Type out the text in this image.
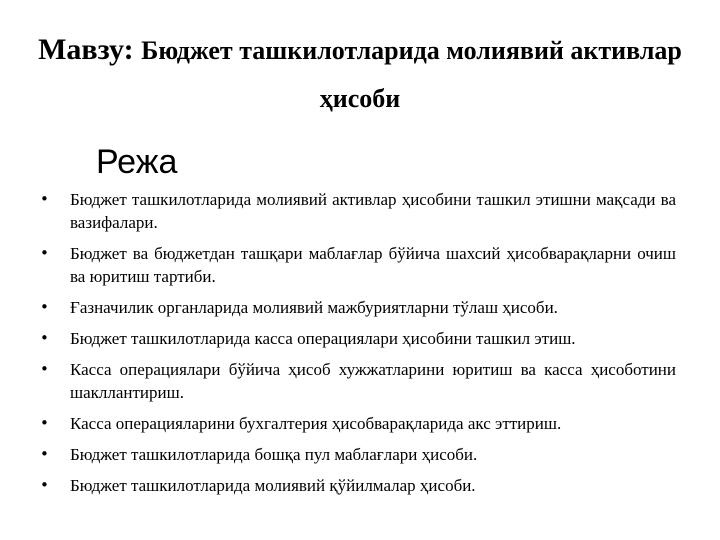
Мавзу: Бюджет ташкилотларида молиявий активлар ҳисоби
Режа
• Бюджет ташкилотларида молиявий активлар ҳисобини ташкил этишни мақсади ва вазифалари.
• Бюджет ва бюджетдан ташқари маблағлар бўйича шахсий ҳисобварақларни очиш ва юритиш тартиби.
• Ғазначилик органларида молиявий мажбуриятларни тўлаш ҳисоби.
• Бюджет ташкилотларида касса операциялари ҳисобини ташкил этиш.
• Касса операциялари бўйича ҳисоб хужжатларини юритиш ва касса ҳисоботини шакллантириш.
• Касса операцияларини бухгалтерия ҳисобварақларида акс эттириш.
• Бюджет ташкилотларида бошқа пул маблағлари ҳисоби.
• Бюджет ташкилотларида молиявий қўйилмалар ҳисоби.
